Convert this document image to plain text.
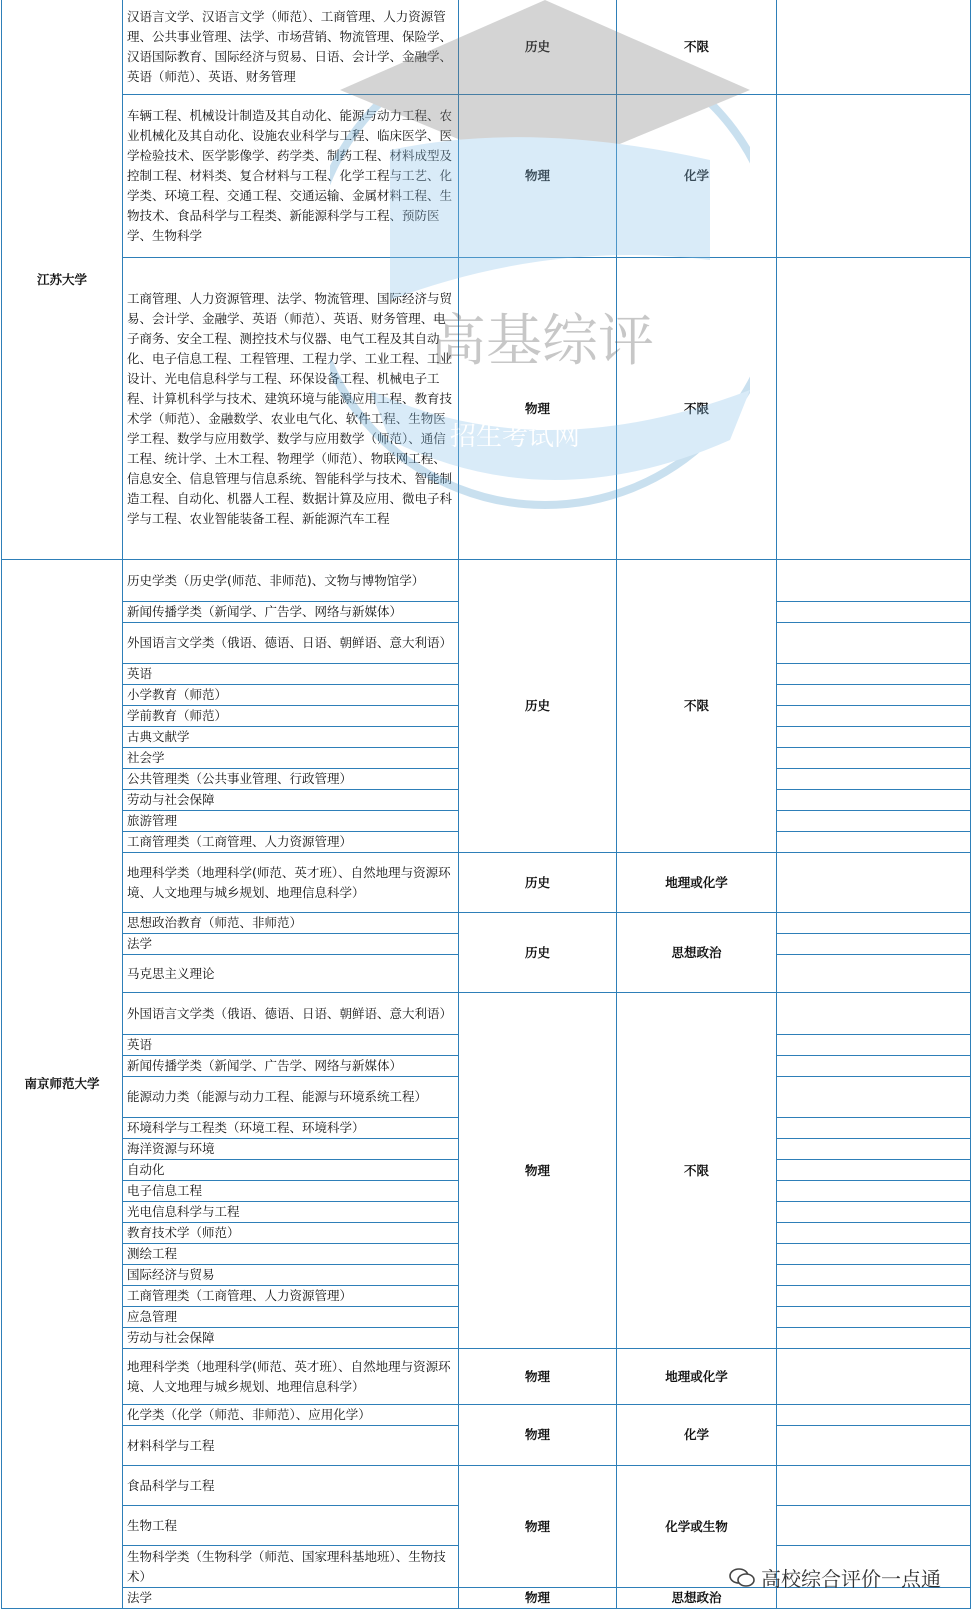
江苏大学	汉语言文学、汉语言文学（师范）、工商管理、人力资源管理、公共事业管理、法学、市场营销、物流管理、保险学、汉语国际教育、国际经济与贸易、日语、会计学、金融学、英语（师范）、英语、财务管理	历史	不限	
	车辆工程、机械设计制造及其自动化、能源与动力工程、农业机械化及其自动化、设施农业科学与工程、临床医学、医学检验技术、医学影像学、药学类、制药工程、材料成型及控制工程、材料类、复合材料与工程、化学工程与工艺、化学类、环境工程、交通工程、交通运输、金属材料工程、生物技术、食品科学与工程类、新能源科学与工程、预防医学、生物科学	物理	化学	
	工商管理、人力资源管理、法学、物流管理、国际经济与贸易、会计学、金融学、英语（师范）、英语、财务管理、电子商务、安全工程、测控技术与仪器、电气工程及其自动化、电子信息工程、工程管理、工程力学、工业工程、工业设计、光电信息科学与工程、环保设备工程、机械电子工程、计算机科学与技术、建筑环境与能源应用工程、教育技术学（师范）、金融数学、农业电气化、软件工程、生物医学工程、数学与应用数学、数学与应用数学（师范）、通信工程、统计学、土木工程、物理学（师范）、物联网工程、信息安全、信息管理与信息系统、智能科学与技术、智能制造工程、自动化、机器人工程、数据计算及应用、微电子科学与工程、农业智能装备工程、新能源汽车工程	物理	不限	
南京师范大学	历史学类（历史学(师范、非师范)、文物与博物馆学）	历史	不限	
	新闻传播学类（新闻学、广告学、网络与新媒体）			
	外国语言文学类（俄语、德语、日语、朝鲜语、意大利语）			
	英语			
	小学教育（师范）			
	学前教育（师范）			
	古典文献学			
	社会学			
	公共管理类（公共事业管理、行政管理）			
	劳动与社会保障			
	旅游管理			
	工商管理类（工商管理、人力资源管理）			
	地理科学类（地理科学(师范、英才班）、自然地理与资源环境、人文地理与城乡规划、地理信息科学）	历史	地理或化学	
	思想政治教育（师范、非师范）	历史	思想政治	
	法学			
	马克思主义理论			
	外国语言文学类（俄语、德语、日语、朝鲜语、意大利语）	物理	不限	
	英语			
	新闻传播学类（新闻学、广告学、网络与新媒体）			
	能源动力类（能源与动力工程、能源与环境系统工程）			
	环境科学与工程类（环境工程、环境科学）			
	海洋资源与环境			
	自动化			
	电子信息工程			
	光电信息科学与工程			
	教育技术学（师范）			
	测绘工程			
	国际经济与贸易			
	工商管理类（工商管理、人力资源管理）			
	应急管理			
	劳动与社会保障			
	地理科学类（地理科学(师范、英才班）、自然地理与资源环境、人文地理与城乡规划、地理信息科学）	物理	地理或化学	
	化学类（化学（师范、非师范）、应用化学）	物理	化学	
	材料科学与工程			
	食品科学与工程	物理	化学或生物	
	生物工程			
	生物科学类（生物科学（师范、国家理科基地班）、生物技术）			
	法学	物理	思想政治	
高基综评
招生考试网
高校综合评价一点通
